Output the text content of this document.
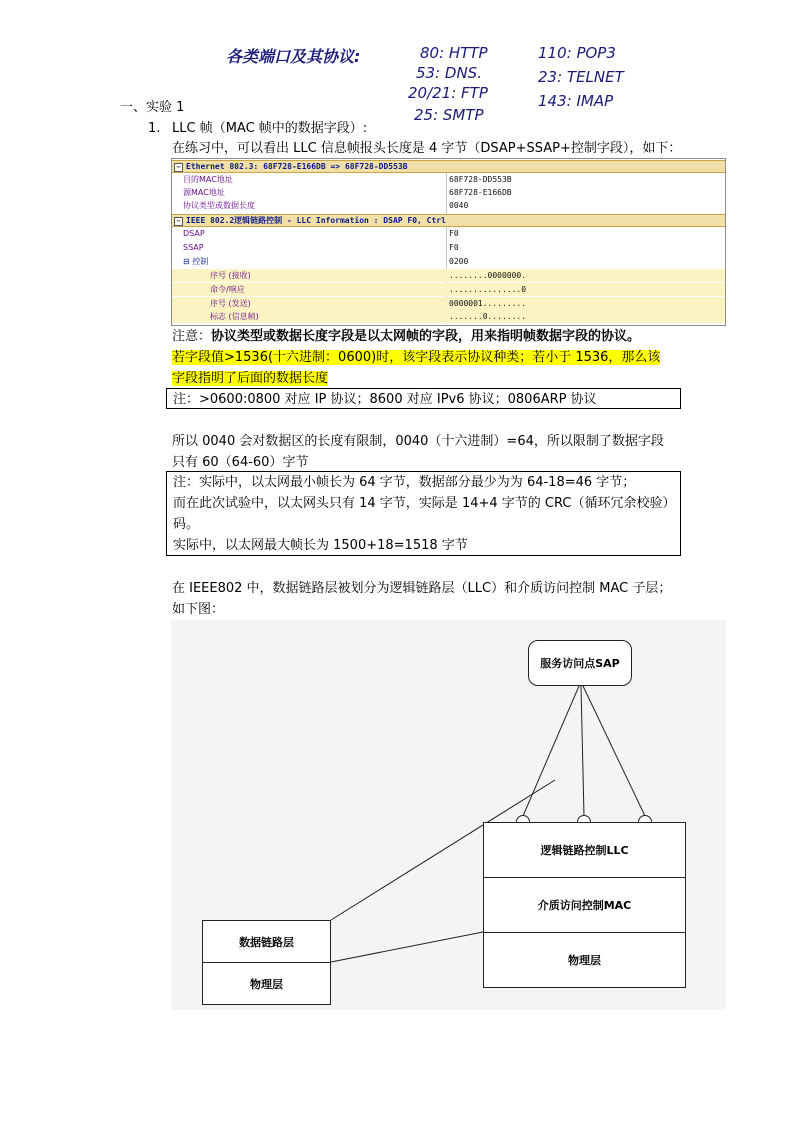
各类端口及其协议:	80: HTTP
53: DNS.
20/21: FTP
25: SMTP
110: POP3
23: TELNET
143: IMAP
一、实验 1
1. LLC 帧（MAC 帧中的数据字段）:
在练习中，可以看出 LLC 信息帧报头长度是 4 字节（DSAP+SSAP+控制字段），如下：
− Ethernet 802.3: 68F728-E166DB => 68F728-DD553B
目的MAC地址	68F728-DD553B
源MAC地址	68F728-E166DB
协议类型或数据长度	0040
− IEEE 802.2逻辑链路控制 - LLC Information : DSAP F0, Ctrl
DSAP	F0
SSAP	F0
⊟ 控制	0200
序号 (接收)	........0000000.
命令/响应	...............0
序号 (发送)	0000001.........
标志 (信息帧)	.......0........
注意：协议类型或数据长度字段是以太网帧的字段，用来指明帧数据字段的协议。
若字段值>1536(十六进制：0600)时，该字段表示协议种类；若小于 1536，那么该
字段指明了后面的数据长度
注：>0600:0800 对应 IP 协议；8600 对应 IPv6 协议；0806ARP 协议
所以 0040 会对数据区的长度有限制，0040（十六进制）=64，所以限制了数据字段
只有 60（64-60）字节
注：实际中，以太网最小帧长为 64 字节，数据部分最少为为 64-18=46 字节；
而在此次试验中，以太网头只有 14 字节，实际是 14+4 字节的 CRC（循环冗余校验）
码。
实际中，以太网最大帧长为 1500+18=1518 字节
在 IEEE802 中，数据链路层被划分为逻辑链路层（LLC）和介质访问控制 MAC 子层；
如下图：
服务访问点SAP
逻辑链路控制LLC
介质访问控制MAC
物理层
数据链路层
物理层
